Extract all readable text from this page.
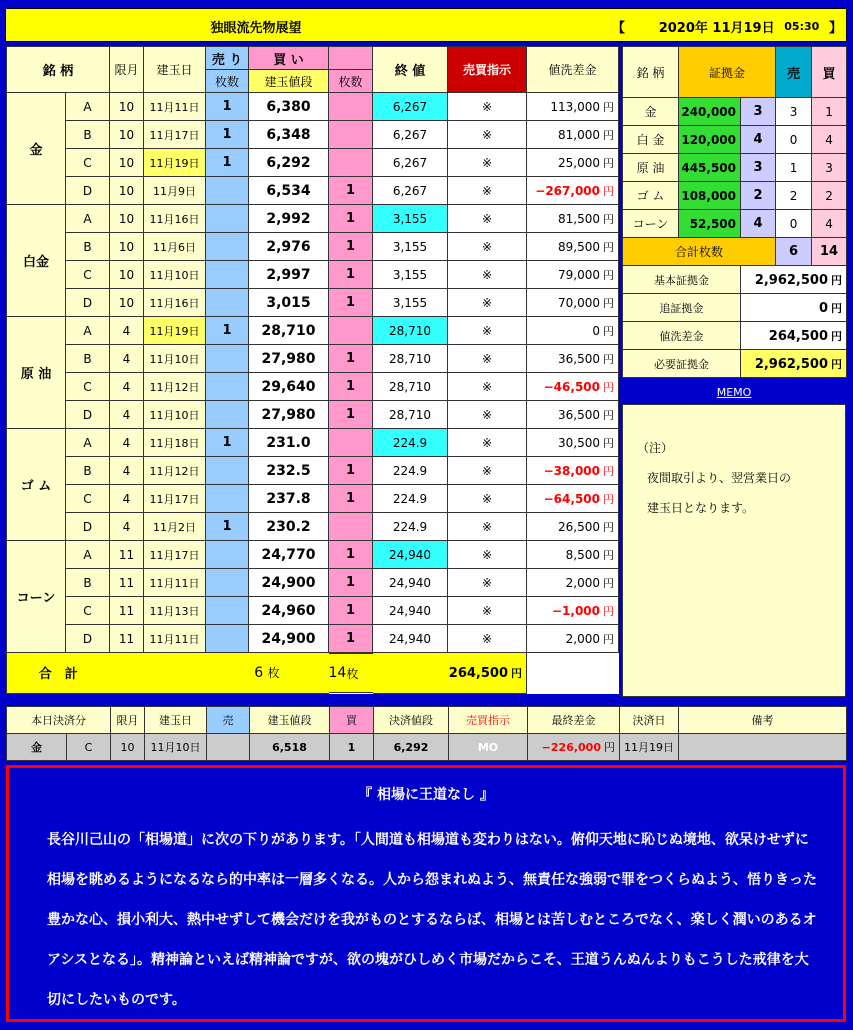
独眼流先物展望	【	2020年 11月19日 05:30 】
銘 柄		限月	建玉日	売 り	買 い		終 値	売買指示	値洗差金
				枚数	建玉値段	枚数			
金	A	10	11月11日	1	6,380		6,267	※	113,000 円
	B	10	11月17日	1	6,348		6,267	※	81,000 円
	C	10	11月19日	1	6,292		6,267	※	25,000 円
	D	10	11月9日		6,534	1	6,267	※	−267,000 円
白金	A	10	11月16日		2,992	1	3,155	※	81,500 円
	B	10	11月6日		2,976	1	3,155	※	89,500 円
	C	10	11月10日		2,997	1	3,155	※	79,000 円
	D	10	11月16日		3,015	1	3,155	※	70,000 円
原 油	A	4	11月19日	1	28,710		28,710	※	0 円
	B	4	11月10日		27,980	1	28,710	※	36,500 円
	C	4	11月12日		29,640	1	28,710	※	−46,500 円
	D	4	11月10日		27,980	1	28,710	※	36,500 円
ゴ ム	A	4	11月18日	1	231.0		224.9	※	30,500 円
	B	4	11月12日		232.5	1	224.9	※	−38,000 円
	C	4	11月17日		237.8	1	224.9	※	−64,500 円
	D	4	11月2日	1	230.2		224.9	※	26,500 円
コーン	A	11	11月17日		24,770	1	24,940	※	8,500 円
	B	11	11月11日		24,900	1	24,940	※	2,000 円
	C	11	11月13日		24,960	1	24,940	※	−1,000 円
	D	11	11月11日		24,900	1	24,940	※	2,000 円
合　計				6 枚		14 枚
		264,500 円	
銘 柄	証拠金		売	買
金	240,000	3	3	1
白 金	120,000	4	0	4
原 油	445,500	3	1	3
ゴ ム	108,000	2	2	2
コーン	52,500	4	0	4
合計枚数			6	14
基本証拠金		2,962,500 円		
追証拠金		0 円		
値洗差金		264,500 円		
必要証拠金		2,962,500 円		
MEMO
（注）
夜間取引より、翌営業日の
建玉日となります。
本日決済分		限月	建玉日	売	建玉値段	買	決済値段	売買指示	最終差金	決済日	備考
金	C	10	11月10日		6,518	1	6,292	MO	−226,000 円	11月19日	
『 相場に王道なし 』
長谷川己山の「相場道」に次の下りがあります。「人間道も相場道も変わりはない。俯仰天地に恥じぬ境地、欲呆けせずに相場を眺めるようになるなら的中率は一層多くなる。人から怨まれぬよう、無責任な強弱で罪をつくらぬよう、悟りきった豊かな心、損小利大、熱中せずして機会だけを我がものとするならば、相場とは苦しむところでなく、楽しく潤いのあるオアシスとなる」。精神論といえば精神論ですが、欲の塊がひしめく市場だからこそ、王道うんぬんよりもこうした戒律を大切にしたいものです。
